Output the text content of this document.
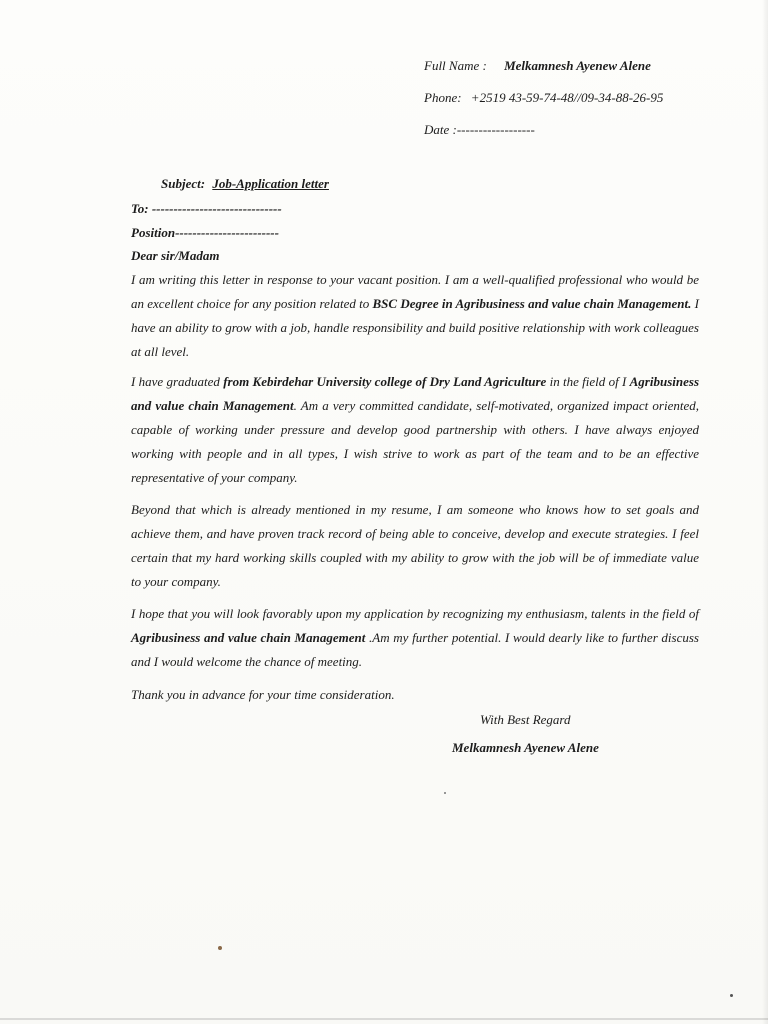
Full Name : Melkamnesh Ayenew Alene
Phone: +2519 43-59-74-48//09-34-88-26-95
Date :------------------
Subject: Job-Application letter
To: ------------------------------
Position------------------------
Dear sir/Madam
I am writing this letter in response to your vacant position. I am a well-qualified professional who would be an excellent choice for any position related to BSC Degree in Agribusiness and value chain Management. I have an ability to grow with a job, handle responsibility and build positive relationship with work colleagues at all level.
I have graduated from Kebirdehar University college of Dry Land Agriculture in the field of I Agribusiness and value chain Management. Am a very committed candidate, self-motivated, organized impact oriented, capable of working under pressure and develop good partnership with others. I have always enjoyed working with people and in all types, I wish strive to work as part of the team and to be an effective representative of your company.
Beyond that which is already mentioned in my resume, I am someone who knows how to set goals and achieve them, and have proven track record of being able to conceive, develop and execute strategies. I feel certain that my hard working skills coupled with my ability to grow with the job will be of immediate value to your company.
I hope that you will look favorably upon my application by recognizing my enthusiasm, talents in the field of Agribusiness and value chain Management .Am my further potential. I would dearly like to further discuss and I would welcome the chance of meeting.
Thank you in advance for your time consideration.
With Best Regard
Melkamnesh Ayenew Alene
